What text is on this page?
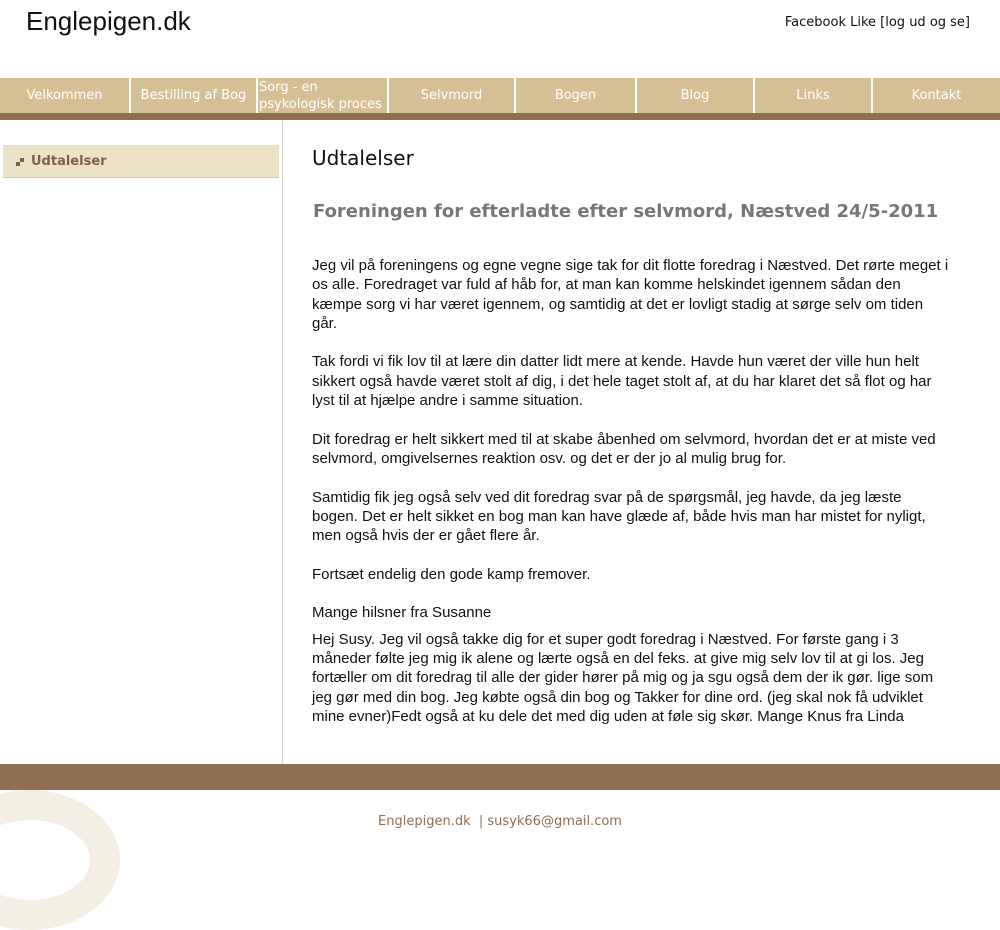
Englepigen.dk	Facebook Like [log ud og se]
Velkommen	Bestilling af Bog
Sorg - en psykologisk proces
Selvmord	Bogen	Blog	Links	Kontakt
Udtalelser	Udtalelser
Foreningen for efterladte efter selvmord, Næstved 24/5-2011

Jeg vil på foreningens og egne vegne sige tak for dit flotte foredrag i Næstved. Det rørte meget i os alle. Foredraget var fuld af håb for, at man kan komme helskindet igennem sådan den kæmpe sorg vi har været igennem, og samtidig at det er lovligt stadig at sørge selv om tiden går.

Tak fordi vi fik lov til at lære din datter lidt mere at kende. Havde hun været der ville hun helt sikkert også havde været stolt af dig, i det hele taget stolt af, at du har klaret det så flot og har lyst til at hjælpe andre i samme situation.

Dit foredrag er helt sikkert med til at skabe åbenhed om selvmord, hvordan det er at miste ved selvmord, omgivelsernes reaktion osv. og det er der jo al mulig brug for.

Samtidig fik jeg også selv ved dit foredrag svar på de spørgsmål, jeg havde, da jeg læste bogen. Det er helt sikket en bog man kan have glæde af, både hvis man har mistet for nyligt, men også hvis der er gået flere år.

Fortsæt endelig den gode kamp fremover.

Mange hilsner fra Susanne

Hej Susy. Jeg vil også takke dig for et super godt foredrag i Næstved. For første gang i 3 måneder følte jeg mig ik alene og lærte også en del feks. at give mig selv lov til at gi los. Jeg fortæller om dit foredrag til alle der gider hører på mig og ja sgu også dem der ik gør. lige som jeg gør med din bog. Jeg købte også din bog og Takker for dine ord. (jeg skal nok få udviklet mine evner)Fedt også at ku dele det med dig uden at føle sig skør. Mange Knus fra Linda

Englepigen.dk | susyk66@gmail.com
